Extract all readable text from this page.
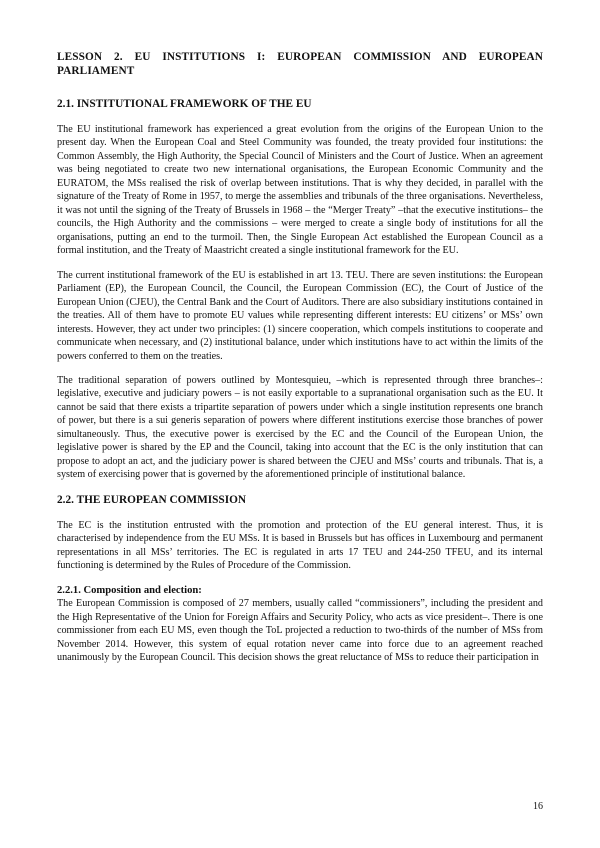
LESSON 2. EU INSTITUTIONS I: EUROPEAN COMMISSION AND EUROPEAN PARLIAMENT
2.1. INSTITUTIONAL FRAMEWORK OF THE EU

The EU institutional framework has experienced a great evolution from the origins of the European Union to the present day. When the European Coal and Steel Community was founded, the treaty provided four institutions: the Common Assembly, the High Authority, the Special Council of Ministers and the Court of Justice. When an agreement was being negotiated to create two new international organisations, the European Economic Community and the EURATOM, the MSs realised the risk of overlap between institutions. That is why they decided, in parallel with the signature of the Treaty of Rome in 1957, to merge the assemblies and tribunals of the three organisations. Nevertheless, it was not until the signing of the Treaty of Brussels in 1968 – the “Merger Treaty” –that the executive institutions– the councils, the High Authority and the commissions – were merged to create a single body of institutions for all the organisations, putting an end to the turmoil. Then, the Single European Act established the European Council as a formal institution, and the Treaty of Maastricht created a single institutional framework for the EU.

The current institutional framework of the EU is established in art 13. TEU. There are seven institutions: the European Parliament (EP), the European Council, the Council, the European Commission (EC), the Court of Justice of the European Union (CJEU), the Central Bank and the Court of Auditors. There are also subsidiary institutions contained in the treaties. All of them have to promote EU values while representing different interests: EU citizens’ or MSs’ own interests. However, they act under two principles: (1) sincere cooperation, which compels institutions to cooperate and communicate when necessary, and (2) institutional balance, under which institutions have to act within the limits of the powers conferred to them on the treaties.

The traditional separation of powers outlined by Montesquieu, –which is represented through three branches–: legislative, executive and judiciary powers – is not easily exportable to a supranational organisation such as the EU. It cannot be said that there exists a tripartite separation of powers under which a single institution represents one branch of power, but there is a sui generis separation of powers where different institutions exercise those branches of power simultaneously. Thus, the executive power is exercised by the EC and the Council of the European Union, the legislative power is shared by the EP and the Council, taking into account that the EC is the only institution that can propose to adopt an act, and the judiciary power is shared between the CJEU and MSs’ courts and tribunals. That is, a system of exercising power that is governed by the aforementioned principle of institutional balance.

2.2. THE EUROPEAN COMMISSION

The EC is the institution entrusted with the promotion and protection of the EU general interest. Thus, it is characterised by independence from the EU MSs. It is based in Brussels but has offices in Luxembourg and permanent representations in all MSs’ territories. The EC is regulated in arts 17 TEU and 244-250 TFEU, and its internal functioning is determined by the Rules of Procedure of the Commission.

2.2.1. Composition and election:

The European Commission is composed of 27 members, usually called “commissioners”, including the president and the High Representative of the Union for Foreign Affairs and Security Policy, who acts as vice president–. There is one commissioner from each EU MS, even though the ToL projected a reduction to two-thirds of the number of MSs from November 2014. However, this system of equal rotation never came into force due to an agreement reached unanimously by the European Council. This decision shows the great reluctance of MSs to reduce their participation in

16
